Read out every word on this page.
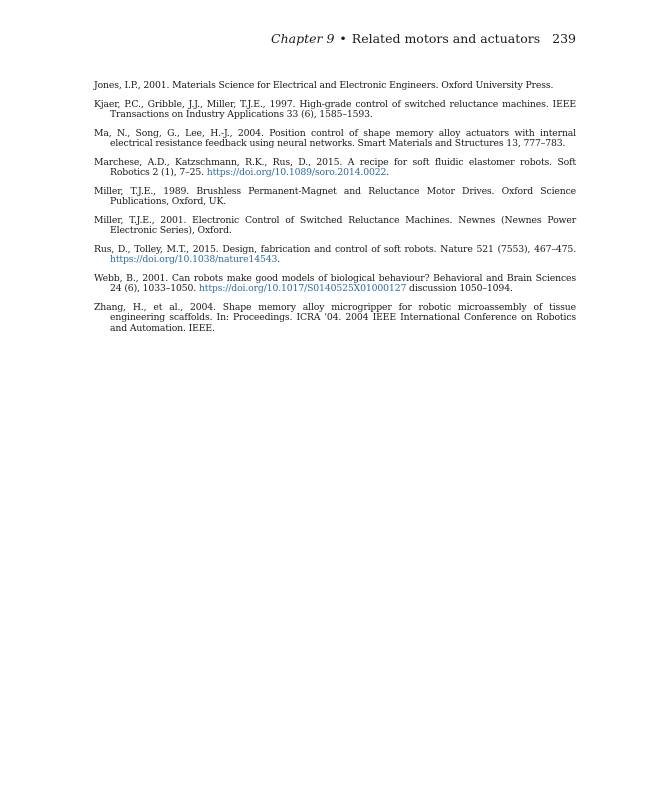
Chapter 9 • Related motors and actuators 239
Jones, I.P., 2001. Materials Science for Electrical and Electronic Engineers. Oxford University Press.
Kjaer, P.C., Gribble, J.J., Miller, T.J.E., 1997. High-grade control of switched reluctance machines. IEEE Transactions on Industry Applications 33 (6), 1585–1593.
Ma, N., Song, G., Lee, H.-J., 2004. Position control of shape memory alloy actuators with internal electrical resistance feedback using neural networks. Smart Materials and Structures 13, 777–783.
Marchese, A.D., Katzschmann, R.K., Rus, D., 2015. A recipe for soft fluidic elastomer robots. Soft Robotics 2 (1), 7–25. https://doi.org/10.1089/soro.2014.0022.
Miller, T.J.E., 1989. Brushless Permanent-Magnet and Reluctance Motor Drives. Oxford Science Publications, Oxford, UK.
Miller, T.J.E., 2001. Electronic Control of Switched Reluctance Machines. Newnes (Newnes Power Electronic Series), Oxford.
Rus, D., Tolley, M.T., 2015. Design, fabrication and control of soft robots. Nature 521 (7553), 467–475. https://doi.org/10.1038/nature14543.
Webb, B., 2001. Can robots make good models of biological behaviour? Behavioral and Brain Sciences 24 (6), 1033–1050. https://doi.org/10.1017/S0140525X01000127 discussion 1050–1094.
Zhang, H., et al., 2004. Shape memory alloy microgripper for robotic microassembly of tissue engineering scaffolds. In: Proceedings. ICRA '04. 2004 IEEE International Conference on Robotics and Automation. IEEE.
